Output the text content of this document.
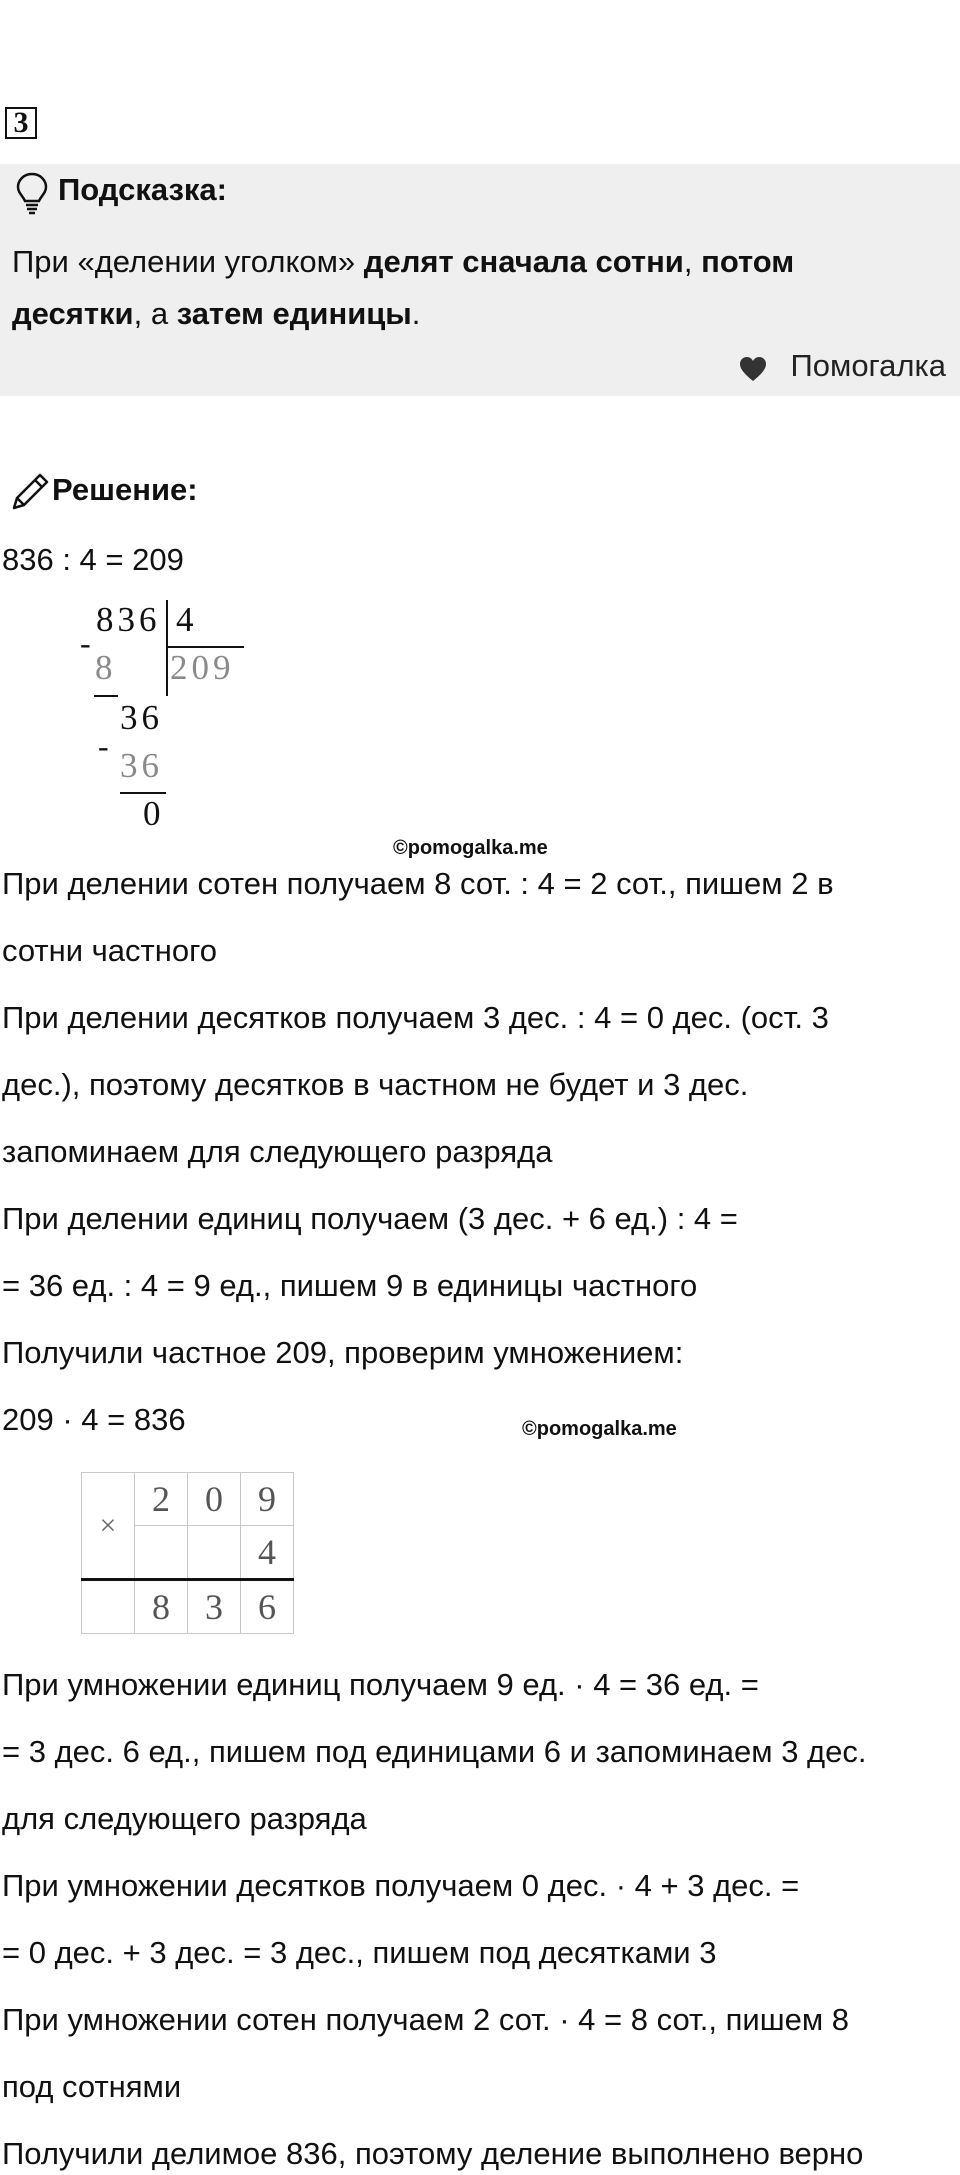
3
Подсказка:
При «делении уголком» делят сначала сотни, потом
десятки, а затем единицы.
Помогалка
Решение:
836 : 4 = 209
836 4
-
8 209
36
- 36
0
©pomogalka.me
При делении сотен получаем 8 сот. : 4 = 2 сот., пишем 2 в
сотни частного
При делении десятков получаем 3 дес. : 4 = 0 дес. (ост. 3
дес.), поэтому десятков в частном не будет и 3 дес.
запоминаем для следующего разряда
При делении единиц получаем (3 дес. + 6 ед.) : 4 =
= 36 ед. : 4 = 9 ед., пишем 9 в единицы частного
Получили частное 209, проверим умножением:
209 · 4 = 836	©pomogalka.me
×	2	0	9
			4
	8	3	6
При умножении единиц получаем 9 ед. · 4 = 36 ед. =
= 3 дес. 6 ед., пишем под единицами 6 и запоминаем 3 дес.
для следующего разряда
При умножении десятков получаем 0 дес. · 4 + 3 дес. =
= 0 дес. + 3 дес. = 3 дес., пишем под десятками 3
При умножении сотен получаем 2 сот. · 4 = 8 сот., пишем 8
под сотнями
Получили делимое 836, поэтому деление выполнено верно
